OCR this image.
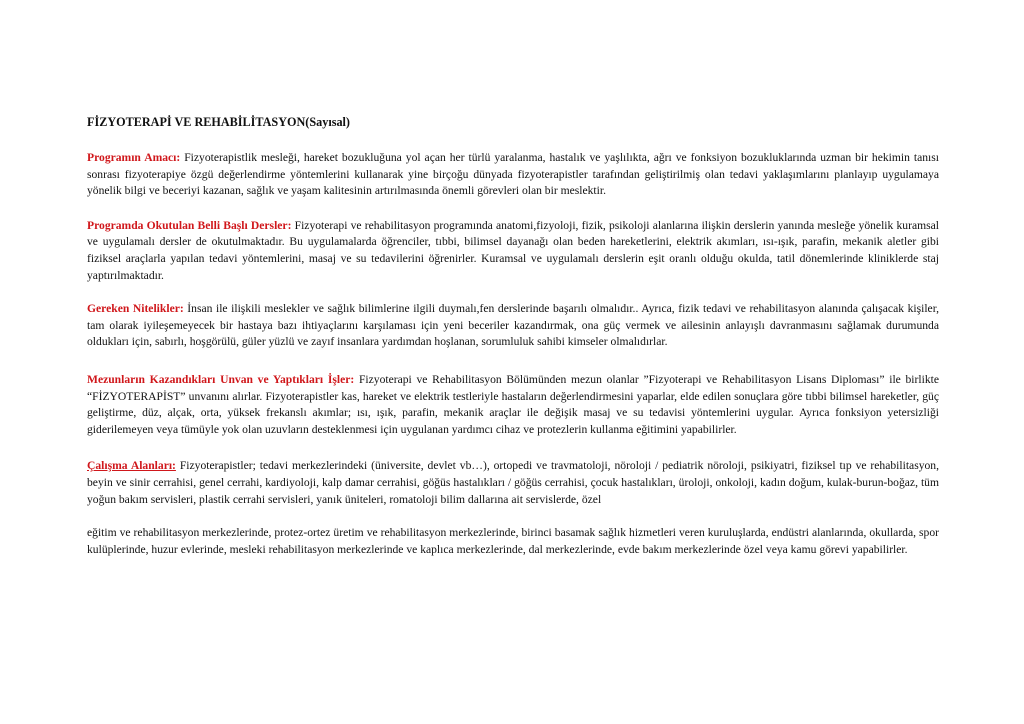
FİZYOTERAPİ VE REHABİLİTASYON(Sayısal)

Programın Amacı: Fizyoterapistlik mesleği, hareket bozukluğuna yol açan her türlü yaralanma, hastalık ve yaşlılıkta, ağrı ve fonksiyon bozukluklarında uzman bir hekimin tanısı sonrası fizyoterapiye özgü değerlendirme yöntemlerini kullanarak yine birçoğu dünyada fizyoterapistler tarafından geliştirilmiş olan tedavi yaklaşımlarını planlayıp uygulamaya yönelik bilgi ve beceriyi kazanan, sağlık ve yaşam kalitesinin artırılmasında önemli görevleri olan bir meslektir.

Programda Okutulan Belli Başlı Dersler: Fizyoterapi ve rehabilitasyon programında anatomi,fizyoloji, fizik, psikoloji alanlarına ilişkin derslerin yanında mesleğe yönelik kuramsal ve uygulamalı dersler de okutulmaktadır. Bu uygulamalarda öğrenciler, tıbbi, bilimsel dayanağı olan beden hareketlerini, elektrik akımları, ısı-ışık, parafin, mekanik aletler gibi fiziksel araçlarla yapılan tedavi yöntemlerini, masaj ve su tedavilerini öğrenirler. Kuramsal ve uygulamalı derslerin eşit oranlı olduğu okulda, tatil dönemlerinde kliniklerde staj yaptırılmaktadır.

Gereken Nitelikler: İnsan ile ilişkili meslekler ve sağlık bilimlerine ilgili duymalı,fen derslerinde başarılı olmalıdır.. Ayrıca, fizik tedavi ve rehabilitasyon alanında çalışacak kişiler, tam olarak iyileşemeyecek bir hastaya bazı ihtiyaçlarını karşılaması için yeni beceriler kazandırmak, ona güç vermek ve ailesinin anlayışlı davranmasını sağlamak durumunda oldukları için, sabırlı, hoşgörülü, güler yüzlü ve zayıf insanlara yardımdan hoşlanan, sorumluluk sahibi kimseler olmalıdırlar.

Mezunların Kazandıkları Unvan ve Yaptıkları İşler: Fizyoterapi ve Rehabilitasyon Bölümünden mezun olanlar ”Fizyoterapi ve Rehabilitasyon Lisans Diploması” ile birlikte “FİZYOTERAPİST” unvanını alırlar. Fizyoterapistler kas, hareket ve elektrik testleriyle hastaların değerlendirmesini yaparlar, elde edilen sonuçlara göre tıbbi bilimsel hareketler, güç geliştirme, düz, alçak, orta, yüksek frekanslı akımlar; ısı, ışık, parafin, mekanik araçlar ile değişik masaj ve su tedavisi yöntemlerini uygular. Ayrıca fonksiyon yetersizliği giderilemeyen veya tümüyle yok olan uzuvların desteklenmesi için uygulanan yardımcı cihaz ve protezlerin kullanma eğitimini yapabilirler.

Çalışma Alanları: Fizyoterapistler; tedavi merkezlerindeki (üniversite, devlet vb…), ortopedi ve travmatoloji, nöroloji / pediatrik nöroloji, psikiyatri, fiziksel tıp ve rehabilitasyon, beyin ve sinir cerrahisi, genel cerrahi, kardiyoloji, kalp damar cerrahisi, göğüs hastalıkları / göğüs cerrahisi, çocuk hastalıkları, üroloji, onkoloji, kadın doğum, kulak-burun-boğaz, tüm yoğun bakım servisleri, plastik cerrahi servisleri, yanık üniteleri, romatoloji bilim dallarına ait servislerde, özel

eğitim ve rehabilitasyon merkezlerinde, protez-ortez üretim ve rehabilitasyon merkezlerinde, birinci basamak sağlık hizmetleri veren kuruluşlarda, endüstri alanlarında, okullarda, spor kulüplerinde, huzur evlerinde, mesleki rehabilitasyon merkezlerinde ve kaplıca merkezlerinde, dal merkezlerinde, evde bakım merkezlerinde özel veya kamu görevi yapabilirler.
